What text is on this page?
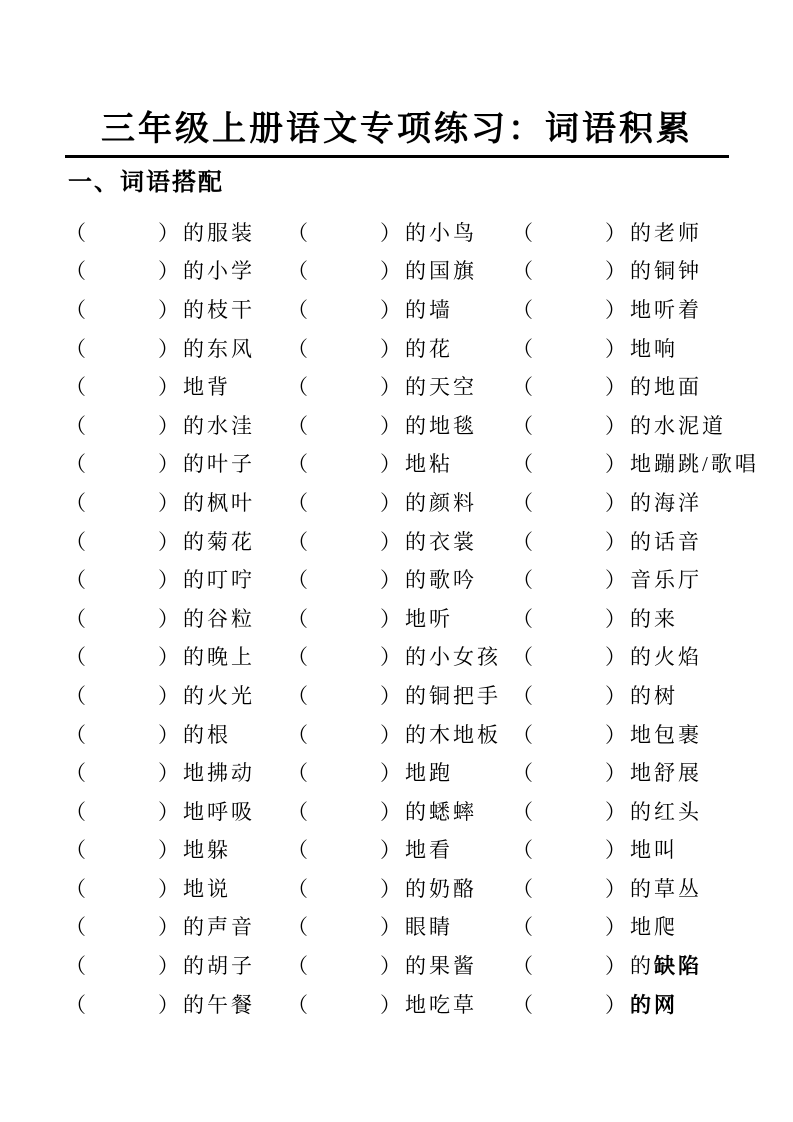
三年级上册语文专项练习：词语积累
一、词语搭配
（	） 的服装	（	） 的小鸟	（	） 的老师
（	） 的小学	（	） 的国旗	（	） 的铜钟
（	） 的枝干	（	） 的墙	（	） 地听着
（	） 的东风	（	） 的花	（	） 地响
（	） 地背	（	） 的天空	（	） 的地面
（	） 的水洼	（	） 的地毯	（	） 的水泥道
（	） 的叶子	（	） 地粘	（	） 地蹦跳/歌唱
（	） 的枫叶	（	） 的颜料	（	） 的海洋
（	） 的菊花	（	） 的衣裳	（	） 的话音
（	） 的叮咛	（	） 的歌吟	（	） 音乐厅
（	） 的谷粒	（	） 地听	（	） 的来
（	） 的晚上	（	） 的小女孩 （	） 的火焰
（	） 的火光	（	） 的铜把手 （	） 的树
（	） 的根	（	） 的木地板 （	） 地包裹
（	） 地拂动	（	） 地跑	（	） 地舒展
（	） 地呼吸	（	） 的蟋蟀	（	） 的红头
（	） 地躲	（	） 地看	（	） 地叫
（	） 地说	（	） 的奶酪	（	） 的草丛
（	） 的声音	（	） 眼睛	（	） 地爬
（	） 的胡子	（	） 的果酱	（	） 的缺陷
（	） 的午餐	（	） 地吃草	（	） 的网
